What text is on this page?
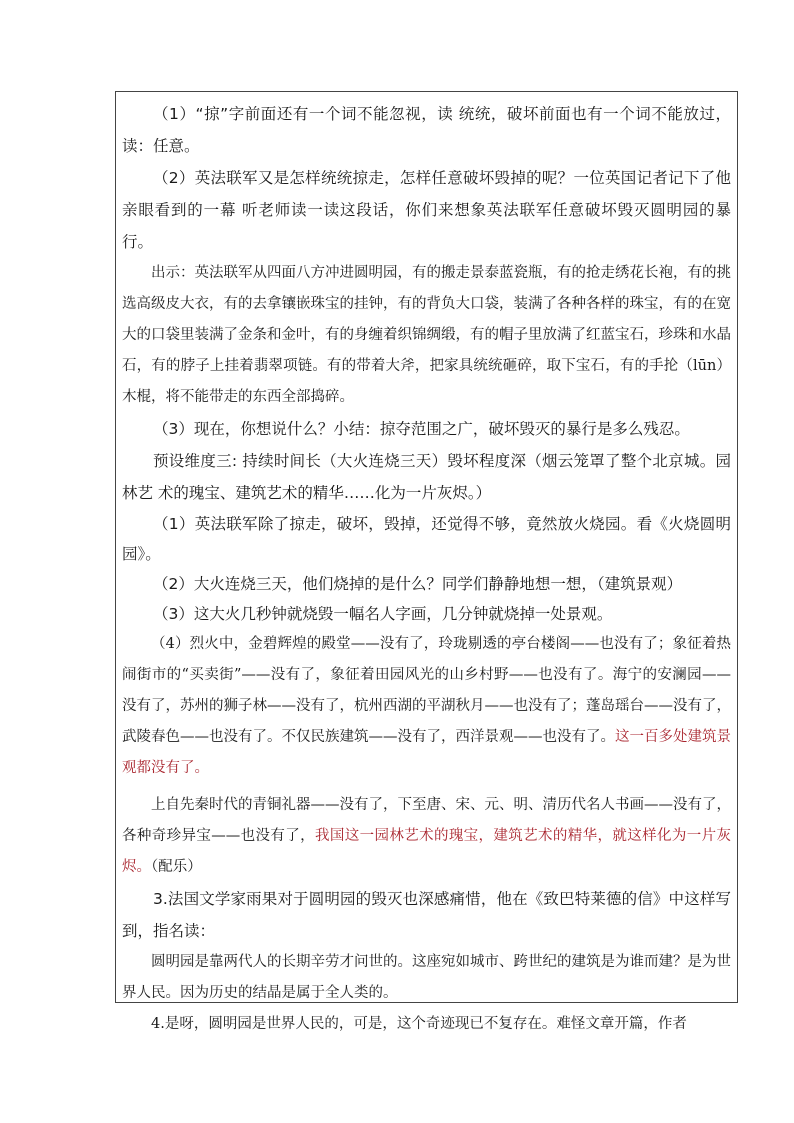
（1）“掠”字前面还有一个词不能忽视，读 统统，破坏前面也有一个词不能放过，读：任意。

（2）英法联军又是怎样统统掠走，怎样任意破坏毁掉的呢？一位英国记者记下了他亲眼看到的一幕 听老师读一读这段话，你们来想象英法联军任意破坏毁灭圆明园的暴行。

出示：英法联军从四面八方冲进圆明园，有的搬走景泰蓝瓷瓶，有的抢走绣花长袍，有的挑选高级皮大衣，有的去拿镶嵌珠宝的挂钟，有的背负大口袋，装满了各种各样的珠宝，有的在宽大的口袋里装满了金条和金叶，有的身缠着织锦绸缎，有的帽子里放满了红蓝宝石，珍珠和水晶石，有的脖子上挂着翡翠项链。有的带着大斧，把家具统统砸碎，取下宝石，有的手抡（lūn）木棍，将不能带走的东西全部捣碎。

（3）现在，你想说什么？小结：掠夺范围之广，破坏毁灭的暴行是多么残忍。

预设维度三: 持续时间长（大火连烧三天）毁坏程度深（烟云笼罩了整个北京城。园林艺 术的瑰宝、建筑艺术的精华……化为一片灰烬。）

（1）英法联军除了掠走，破坏，毁掉，还觉得不够，竟然放火烧园。看《火烧圆明园》。

（2）大火连烧三天，他们烧掉的是什么？同学们静静地想一想，（建筑景观）

（3）这大火几秒钟就烧毁一幅名人字画，几分钟就烧掉一处景观。

（4）烈火中，金碧辉煌的殿堂——没有了，玲珑剔透的亭台楼阁——也没有了；象征着热闹街市的“买卖街”——没有了，象征着田园风光的山乡村野——也没有了。海宁的安澜园——没有了，苏州的狮子林——没有了，杭州西湖的平湖秋月——也没有了；蓬岛瑶台——没有了，武陵春色——也没有了。不仅民族建筑——没有了，西洋景观——也没有了。这一百多处建筑景观都没有了。

上自先秦时代的青铜礼器——没有了，下至唐、宋、元、明、清历代名人书画——没有了，各种奇珍异宝——也没有了，我国这一园林艺术的瑰宝，建筑艺术的精华，就这样化为一片灰烬。（配乐）

3.法国文学家雨果对于圆明园的毁灭也深感痛惜，他在《致巴特莱德的信》中这样写到，指名读：

圆明园是靠两代人的长期辛劳才问世的。这座宛如城市、跨世纪的建筑是为谁而建？是为世界人民。因为历史的结晶是属于全人类的。

4.是呀，圆明园是世界人民的，可是，这个奇迹现已不复存在。难怪文章开篇，作者
